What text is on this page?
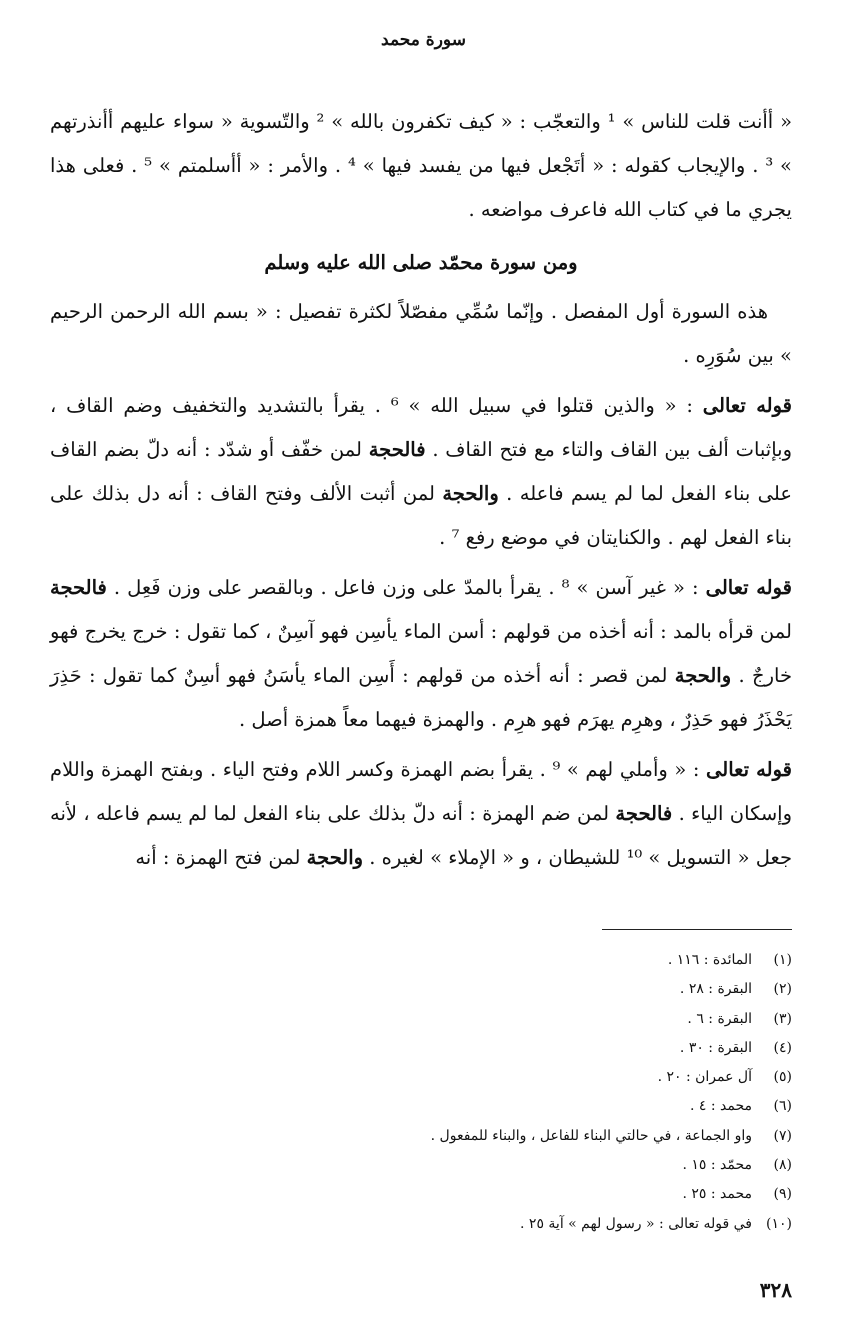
سورة محمد

« أأنت قلت للناس » ¹ والتعجّب : « كيف تكفرون بالله » ² والتّسوية « سواء عليهم أأنذرتهم » ³ . والإيجاب كقوله : « أتَجْعل فيها من يفسد فيها » ⁴ . والأمر : « أأسلمتم » ⁵ . فعلى هذا يجري ما في كتاب الله فاعرف مواضعه .

ومن سورة محمّد صلى الله عليه وسلم

هذه السورة أول المفصل . وإنّما سُمِّي مفصّلاً لكثرة تفصيل : « بسم الله الرحمن الرحيم » بين سُوَرِه .

قوله تعالى : « والذين قتلوا في سبيل الله » ⁶ . يقرأ بالتشديد والتخفيف وضم القاف ، وبإثبات ألف بين القاف والتاء مع فتح القاف . فالحجة لمن خفّف أو شدّد : أنه دلّ بضم القاف على بناء الفعل لما لم يسم فاعله . والحجة لمن أثبت الألف وفتح القاف : أنه دل بذلك على بناء الفعل لهم . والكنايتان في موضع رفع ⁷ .

قوله تعالى : « غير آسن » ⁸ . يقرأ بالمدّ على وزن فاعل . وبالقصر على وزن فَعِل . فالحجة لمن قرأه بالمد : أنه أخذه من قولهم : أسن الماء يأسِن فهو آسِنٌ ، كما تقول : خرج يخرج فهو خارجٌ . والحجة لمن قصر : أنه أخذه من قولهم : أَسِن الماء يأسَنُ فهو أسِنٌ كما تقول : حَذِرَ يَحْذَرُ فهو حَذِرٌ ، وهرِم يهرَم فهو هرِم . والهمزة فيهما معاً همزة أصل .

قوله تعالى : « وأملي لهم » ⁹ . يقرأ بضم الهمزة وكسر اللام وفتح الياء . وبفتح الهمزة واللام وإسكان الياء . فالحجة لمن ضم الهمزة : أنه دلّ بذلك على بناء الفعل لما لم يسم فاعله ، لأنه جعل « التسويل » ¹⁰ للشيطان ، و « الإملاء » لغيره . والحجة لمن فتح الهمزة : أنه

(١)المائدة : ١١٦ .
(٢)البقرة : ٢٨ .
(٣)البقرة : ٦ .
(٤)البقرة : ٣٠ .
(٥)آل عمران : ٢٠ .
(٦)محمد : ٤ .
(٧)واو الجماعة ، في حالتي البناء للفاعل ، والبناء للمفعول .
(٨)محمّد : ١٥ .
(٩)محمد : ٢٥ .
(١٠)في قوله تعالى : « رسول لهم » آية ٢٥ .
٣٢٨
